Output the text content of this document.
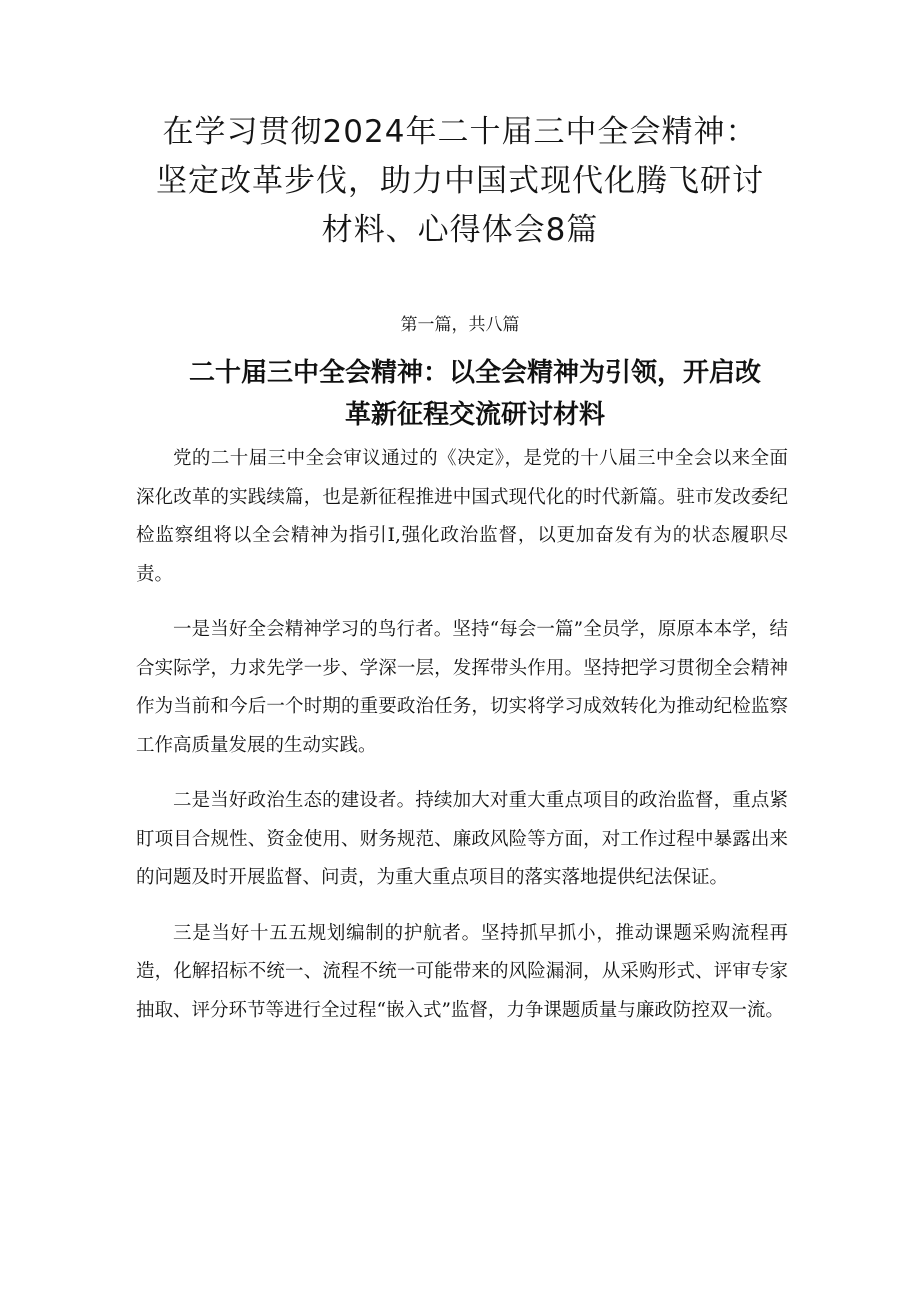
在学习贯彻2024年二十届三中全会精神：
坚定改革步伐，助力中国式现代化腾飞研讨
材料、心得体会8篇
第一篇，共八篇
二十届三中全会精神：以全会精神为引领，开启改
革新征程交流研讨材料

党的二十届三中全会审议通过的《决定》，是党的十八届三中全会以来全面深化改革的实践续篇，也是新征程推进中国式现代化的时代新篇。驻市发改委纪检监察组将以全会精神为指引I,强化政治监督，以更加奋发有为的状态履职尽责。

一是当好全会精神学习的鸟行者。坚持“每会一篇”全员学，原原本本学，结合实际学，力求先学一步、学深一层，发挥带头作用。坚持把学习贯彻全会精神作为当前和今后一个时期的重要政治任务，切实将学习成效转化为推动纪检监察工作高质量发展的生动实践。

二是当好政治生态的建设者。持续加大对重大重点项目的政治监督，重点紧盯项目合规性、资金使用、财务规范、廉政风险等方面，对工作过程中暴露出来的问题及时开展监督、问责，为重大重点项目的落实落地提供纪法保证。

三是当好十五五规划编制的护航者。坚持抓早抓小，推动课题采购流程再造，化解招标不统一、流程不统一可能带来的风险漏洞，从采购形式、评审专家抽取、评分环节等进行全过程“嵌入式”监督，力争课题质量与廉政防控双一流。
